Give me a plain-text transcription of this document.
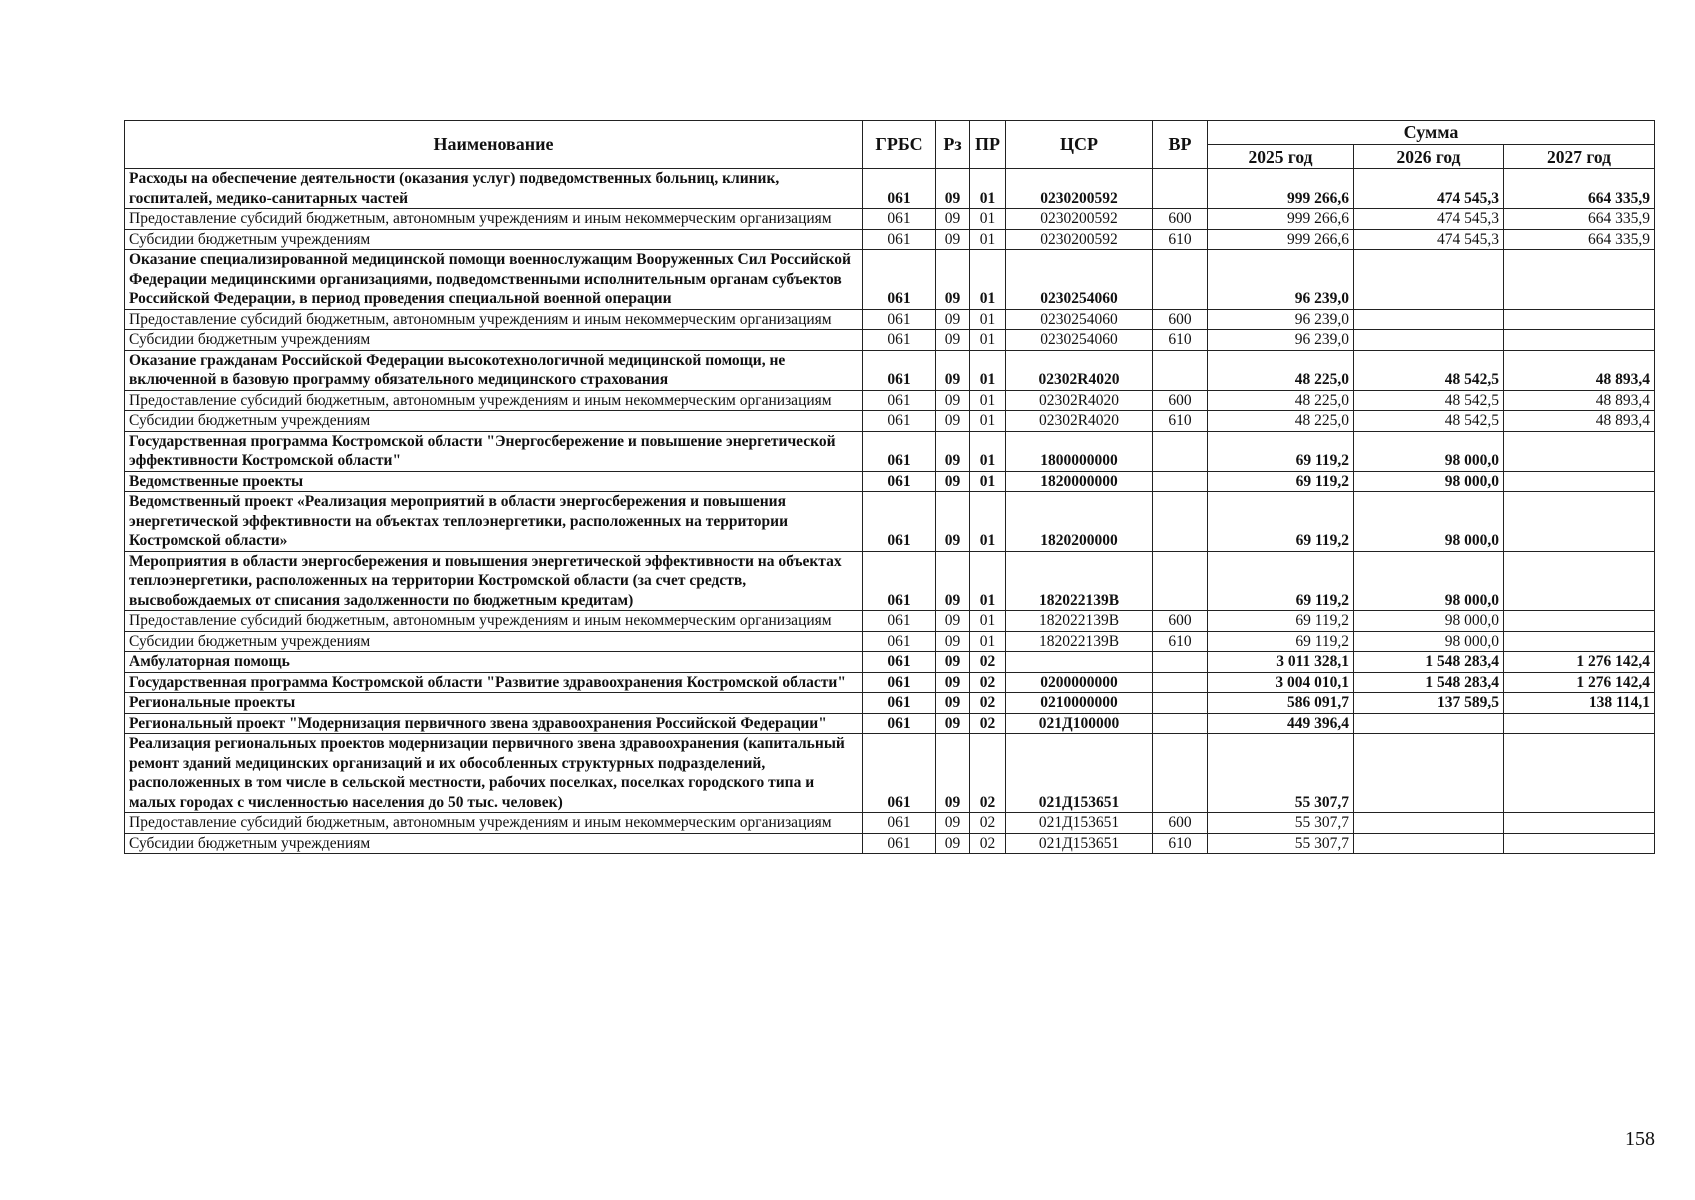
Наименование	ГРБС	Рз	ПР	ЦСР	ВР	Сумма		
						2025 год	2026 год	2027 год
Расходы на обеспечение деятельности (оказания услуг) подведомственных больниц, клиник, госпиталей, медико-санитарных частей	061	09	01	0230200592		999 266,6	474 545,3	664 335,9
Предоставление субсидий бюджетным, автономным учреждениям и иным некоммерческим организациям	061	09	01	0230200592	600	999 266,6	474 545,3	664 335,9
Субсидии бюджетным учреждениям	061	09	01	0230200592	610	999 266,6	474 545,3	664 335,9
Оказание специализированной медицинской помощи военнослужащим Вооруженных Сил Российской Федерации медицинскими организациями, подведомственными исполнительным органам субъектов Российской Федерации, в период проведения специальной военной операции	061	09	01	0230254060		96 239,0		
Предоставление субсидий бюджетным, автономным учреждениям и иным некоммерческим организациям	061	09	01	0230254060	600	96 239,0		
Субсидии бюджетным учреждениям	061	09	01	0230254060	610	96 239,0		
Оказание гражданам Российской Федерации высокотехнологичной медицинской помощи, не включенной в базовую программу обязательного медицинского страхования	061	09	01	02302R4020		48 225,0	48 542,5	48 893,4
Предоставление субсидий бюджетным, автономным учреждениям и иным некоммерческим организациям	061	09	01	02302R4020	600	48 225,0	48 542,5	48 893,4
Субсидии бюджетным учреждениям	061	09	01	02302R4020	610	48 225,0	48 542,5	48 893,4
Государственная программа Костромской области "Энергосбережение и повышение энергетической эффективности Костромской области"	061	09	01	1800000000		69 119,2	98 000,0	
Ведомственные проекты	061	09	01	1820000000		69 119,2	98 000,0	
Ведомственный проект «Реализация мероприятий в области энергосбережения и повышения энергетической эффективности на объектах теплоэнергетики, расположенных на территории Костромской области»	061	09	01	1820200000		69 119,2	98 000,0	
Мероприятия в области энергосбережения и повышения энергетической эффективности на объектах теплоэнергетики, расположенных на территории Костромской области (за счет средств, высвобождаемых от списания задолженности по бюджетным кредитам)	061	09	01	182022139В		69 119,2	98 000,0	
Предоставление субсидий бюджетным, автономным учреждениям и иным некоммерческим организациям	061	09	01	182022139В	600	69 119,2	98 000,0	
Субсидии бюджетным учреждениям	061	09	01	182022139В	610	69 119,2	98 000,0	
Амбулаторная помощь	061	09	02			3 011 328,1	1 548 283,4	1 276 142,4
Государственная программа Костромской области "Развитие здравоохранения Костромской области"	061	09	02	0200000000		3 004 010,1	1 548 283,4	1 276 142,4
Региональные проекты	061	09	02	0210000000		586 091,7	137 589,5	138 114,1
Региональный проект "Модернизация первичного звена здравоохранения Российской Федерации"	061	09	02	021Д100000		449 396,4		
Реализация региональных проектов модернизации первичного звена здравоохранения (капитальный ремонт зданий медицинских организаций и их обособленных структурных подразделений, расположенных в том числе в сельской местности, рабочих поселках, поселках городского типа и малых городах с численностью населения до 50 тыс. человек)	061	09	02	021Д153651		55 307,7		
Предоставление субсидий бюджетным, автономным учреждениям и иным некоммерческим организациям	061	09	02	021Д153651	600	55 307,7		
Субсидии бюджетным учреждениям	061	09	02	021Д153651	610	55 307,7		
158
